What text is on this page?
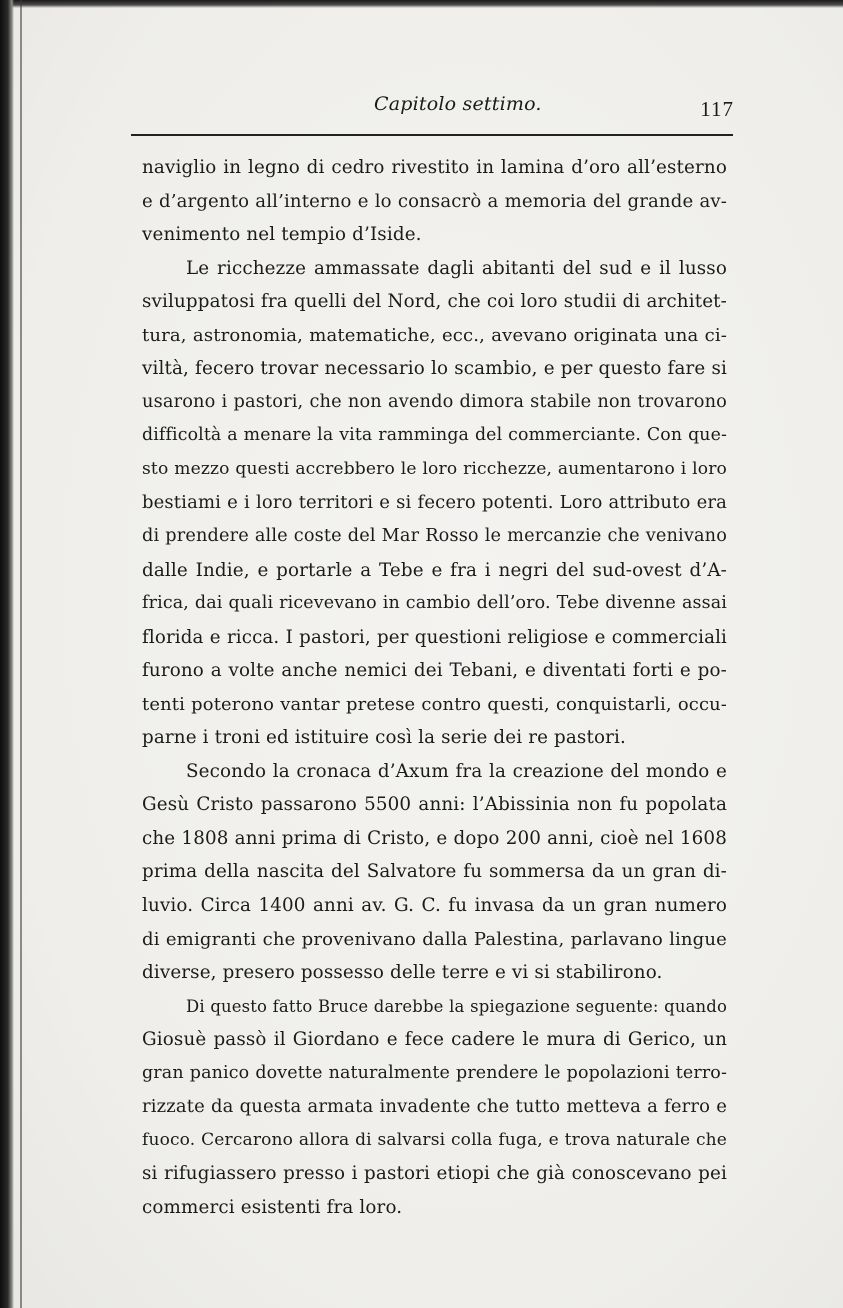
Capitolo settimo.	117
naviglio in legno di cedro rivestito in lamina d’oro all’esterno
e d’argento all’interno e lo consacrò a memoria del grande av-
venimento nel tempio d’Iside.
Le ricchezze ammassate dagli abitanti del sud e il lusso
sviluppatosi fra quelli del Nord, che coi loro studii di architet-
tura, astronomia, matematiche, ecc., avevano originata una ci-
viltà, fecero trovar necessario lo scambio, e per questo fare si
usarono i pastori, che non avendo dimora stabile non trovarono
difficoltà a menare la vita ramminga del commerciante. Con que-
sto mezzo questi accrebbero le loro ricchezze, aumentarono i loro
bestiami e i loro territori e si fecero potenti. Loro attributo era
di prendere alle coste del Mar Rosso le mercanzie che venivano
dalle Indie, e portarle a Tebe e fra i negri del sud-ovest d’A-
frica, dai quali ricevevano in cambio dell’oro. Tebe divenne assai
florida e ricca. I pastori, per questioni religiose e commerciali
furono a volte anche nemici dei Tebani, e diventati forti e po-
tenti poterono vantar pretese contro questi, conquistarli, occu-
parne i troni ed istituire così la serie dei re pastori.
Secondo la cronaca d’Axum fra la creazione del mondo e
Gesù Cristo passarono 5500 anni: l’Abissinia non fu popolata
che 1808 anni prima di Cristo, e dopo 200 anni, cioè nel 1608
prima della nascita del Salvatore fu sommersa da un gran di-
luvio. Circa 1400 anni av. G. C. fu invasa da un gran numero
di emigranti che provenivano dalla Palestina, parlavano lingue
diverse, presero possesso delle terre e vi si stabilirono.
Di questo fatto Bruce darebbe la spiegazione seguente: quando
Giosuè passò il Giordano e fece cadere le mura di Gerico, un
gran panico dovette naturalmente prendere le popolazioni terro-
rizzate da questa armata invadente che tutto metteva a ferro e
fuoco. Cercarono allora di salvarsi colla fuga, e trova naturale che
si rifugiassero presso i pastori etiopi che già conoscevano pei
commerci esistenti fra loro.
